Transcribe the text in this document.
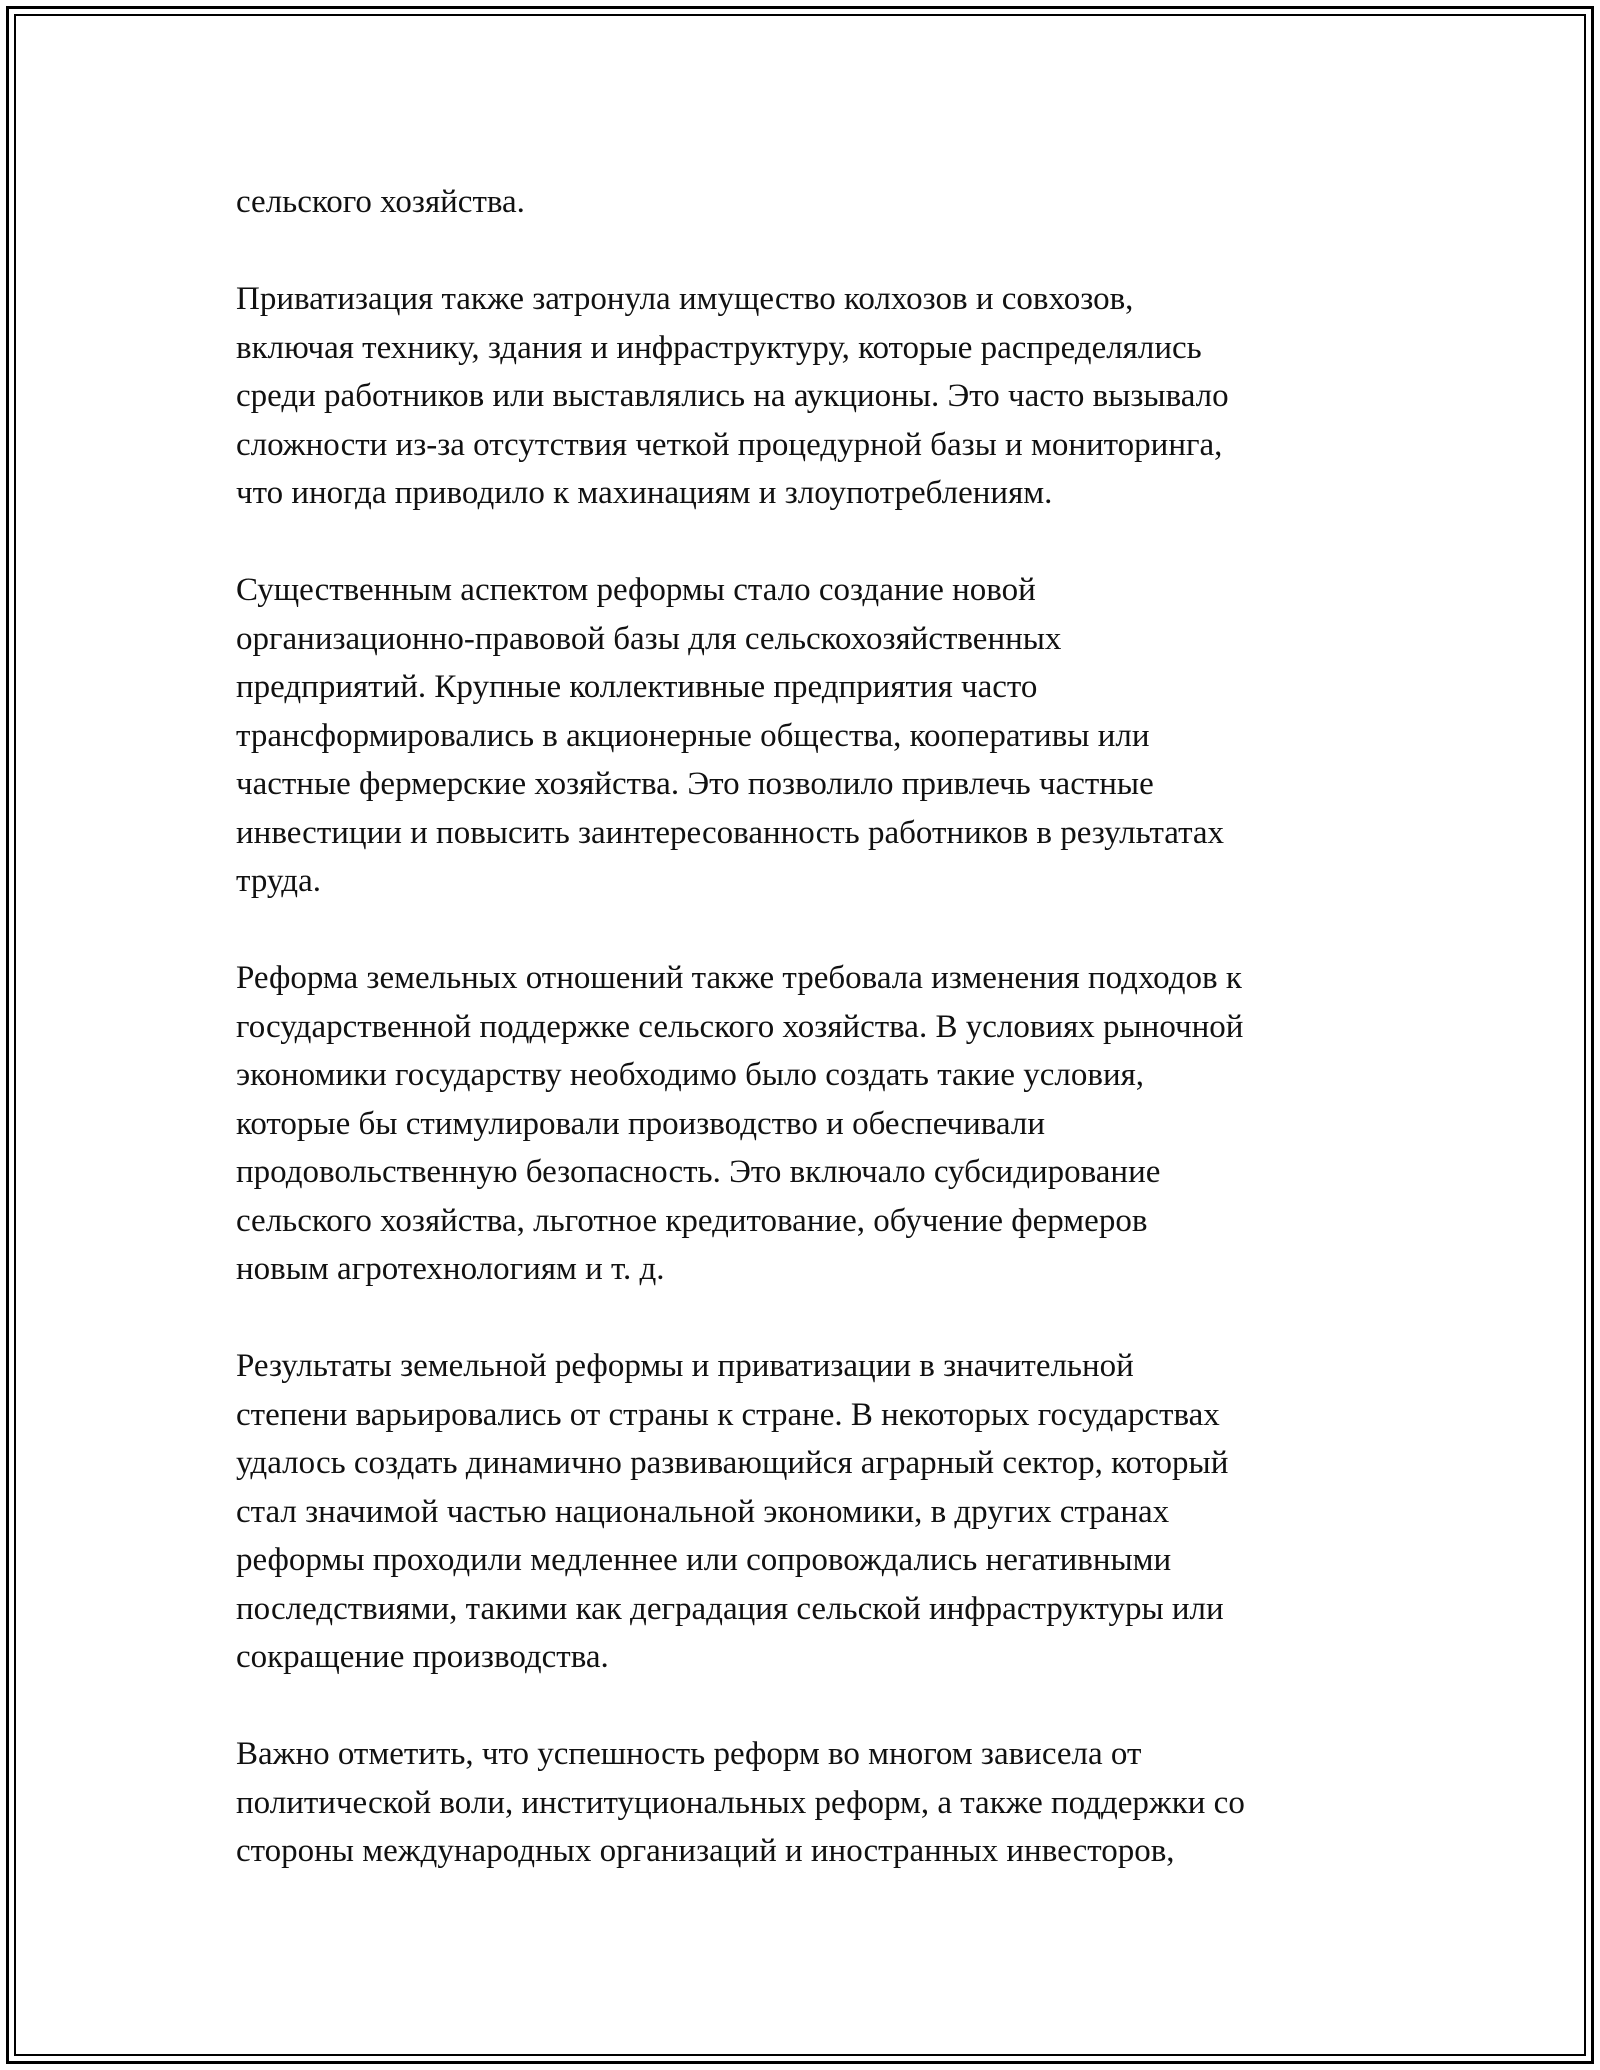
сельского хозяйства.

Приватизация также затронула имущество колхозов и совхозов,
включая технику, здания и инфраструктуру, которые распределялись
среди работников или выставлялись на аукционы. Это часто вызывало
сложности из-за отсутствия четкой процедурной базы и мониторинга,
что иногда приводило к махинациям и злоупотреблениям.

Существенным аспектом реформы стало создание новой
организационно-правовой базы для сельскохозяйственных
предприятий. Крупные коллективные предприятия часто
трансформировались в акционерные общества, кооперативы или
частные фермерские хозяйства. Это позволило привлечь частные
инвестиции и повысить заинтересованность работников в результатах
труда.

Реформа земельных отношений также требовала изменения подходов к
государственной поддержке сельского хозяйства. В условиях рыночной
экономики государству необходимо было создать такие условия,
которые бы стимулировали производство и обеспечивали
продовольственную безопасность. Это включало субсидирование
сельского хозяйства, льготное кредитование, обучение фермеров
новым агротехнологиям и т. д.

Результаты земельной реформы и приватизации в значительной
степени варьировались от страны к стране. В некоторых государствах
удалось создать динамично развивающийся аграрный сектор, который
стал значимой частью национальной экономики, в других странах
реформы проходили медленнее или сопровождались негативными
последствиями, такими как деградация сельской инфраструктуры или
сокращение производства.

Важно отметить, что успешность реформ во многом зависела от
политической воли, институциональных реформ, а также поддержки со
стороны международных организаций и иностранных инвесторов,
